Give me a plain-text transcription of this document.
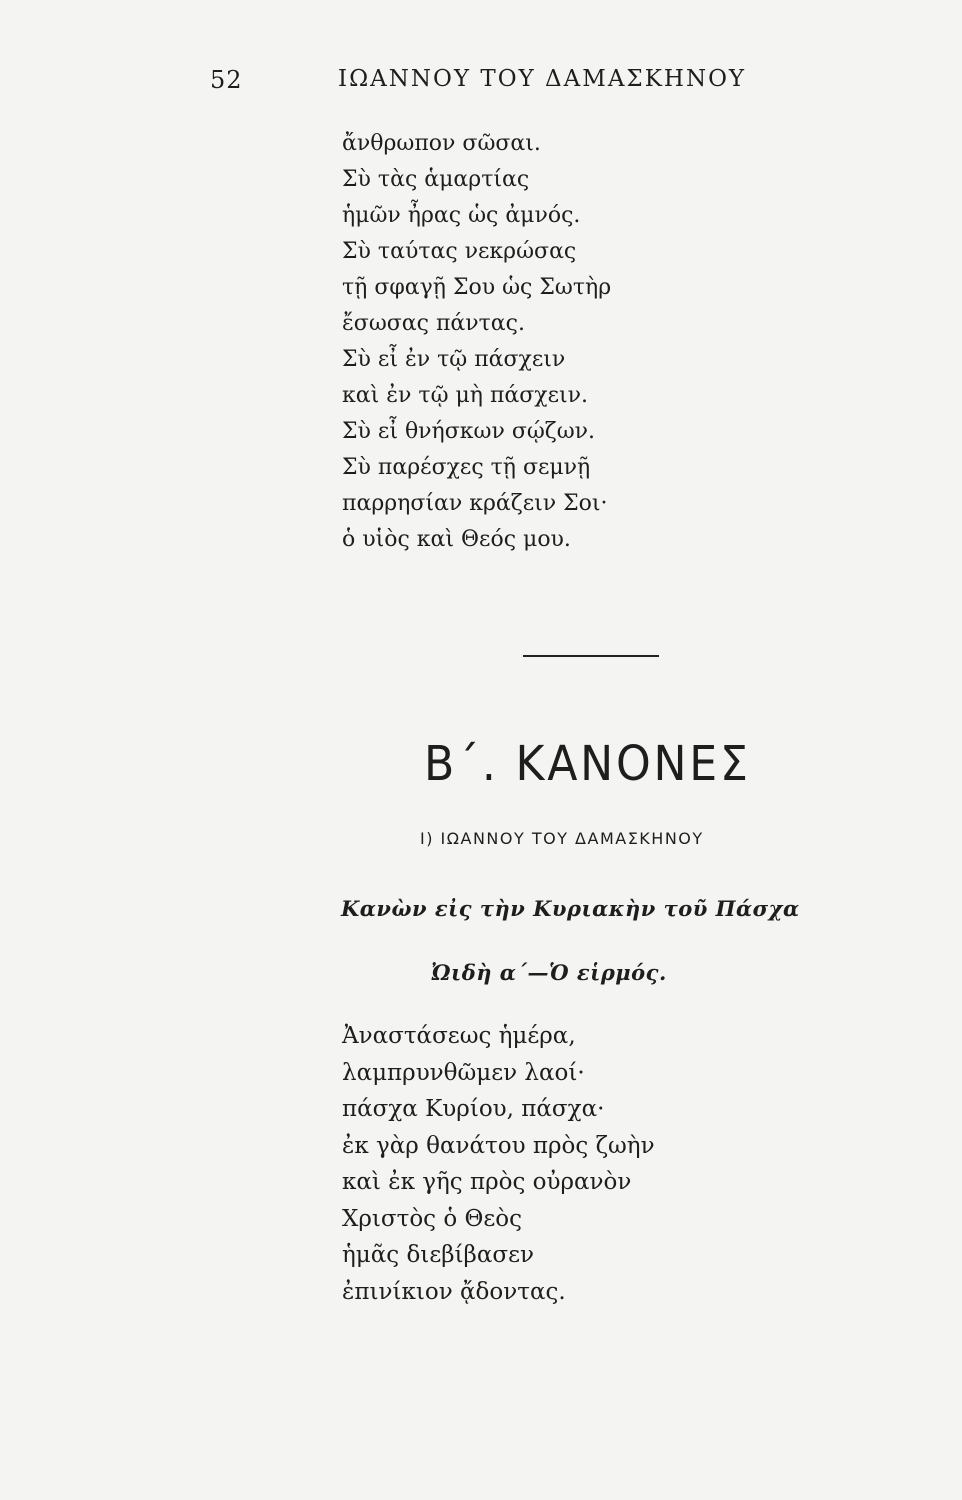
52	ΙΩΑΝΝΟΥ ΤΟΥ ΔΑΜΑΣΚΗΝΟΥ
ἄνθρωπον σῶσαι.
Σὺ τὰς ἁμαρτίας
ἡμῶν ἦρας ὡς ἀμνός.
Σὺ ταύτας νεκρώσας
τῇ σφαγῇ Σου ὡς Σωτὴρ
ἔσωσας πάντας.
Σὺ εἶ ἐν τῷ πάσχειν
καὶ ἐν τῷ μὴ πάσχειν.
Σὺ εἶ θνήσκων σῴζων.
Σὺ παρέσχες τῇ σεμνῇ
παρρησίαν κράζειν Σοι·
ὁ υἱὸς καὶ Θεός μου.
Β΄. ΚΑΝΟΝΕΣ
Ι) ΙΩΑΝΝΟΥ ΤΟΥ ΔΑΜΑΣΚΗΝΟΥ
Κανὼν εἰς τὴν Κυριακὴν τοῦ Πάσχα
Ὠιδὴ α΄—Ὁ εἱρμός.
Ἀναστάσεως ἡμέρα,
λαμπρυνθῶμεν λαοί·
πάσχα Κυρίου, πάσχα·
ἐκ γὰρ θανάτου πρὸς ζωὴν
καὶ ἐκ γῆς πρὸς οὐρανὸν
Χριστὸς ὁ Θεὸς
ἡμᾶς διεβίβασεν
ἐπινίκιον ᾄδοντας.
